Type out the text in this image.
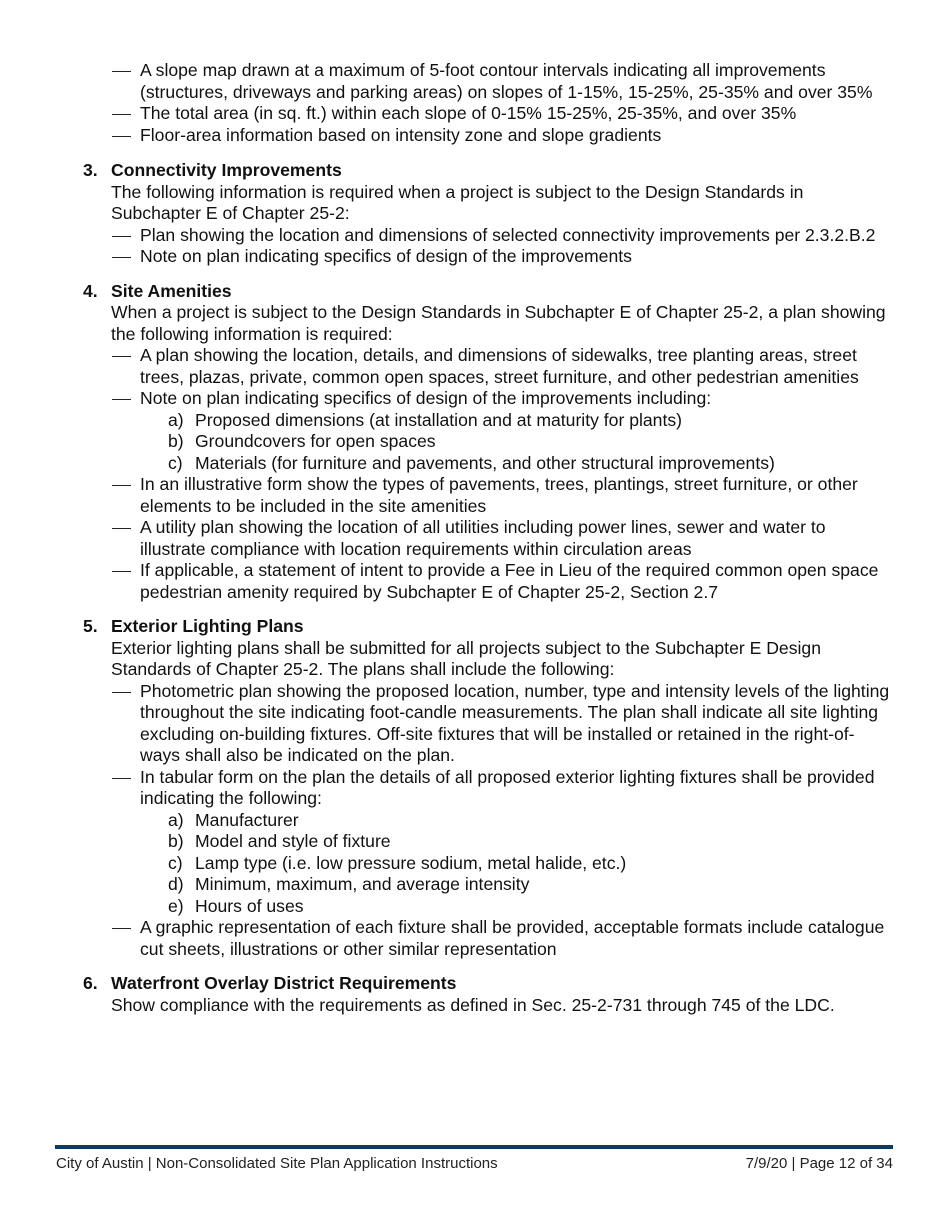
A slope map drawn at a maximum of 5-foot contour intervals indicating all improvements (structures, driveways and parking areas) on slopes of 1-15%, 15-25%, 25-35% and over 35%
The total area (in sq. ft.) within each slope of 0-15% 15-25%, 25-35%, and over 35%
Floor-area information based on intensity zone and slope gradients
3. Connectivity Improvements
The following information is required when a project is subject to the Design Standards in Subchapter E of Chapter 25-2:
Plan showing the location and dimensions of selected connectivity improvements per 2.3.2.B.2
Note on plan indicating specifics of design of the improvements
4. Site Amenities
When a project is subject to the Design Standards in Subchapter E of Chapter 25-2, a plan showing the following information is required:
A plan showing the location, details, and dimensions of sidewalks, tree planting areas, street trees, plazas, private, common open spaces, street furniture, and other pedestrian amenities
Note on plan indicating specifics of design of the improvements including:
a) Proposed dimensions (at installation and at maturity for plants)
b) Groundcovers for open spaces
c) Materials (for furniture and pavements, and other structural improvements)
In an illustrative form show the types of pavements, trees, plantings, street furniture, or other elements to be included in the site amenities
A utility plan showing the location of all utilities including power lines, sewer and water to illustrate compliance with location requirements within circulation areas
If applicable, a statement of intent to provide a Fee in Lieu of the required common open space pedestrian amenity required by Subchapter E of Chapter 25-2, Section 2.7
5. Exterior Lighting Plans
Exterior lighting plans shall be submitted for all projects subject to the Subchapter E Design Standards of Chapter 25-2. The plans shall include the following:
Photometric plan showing the proposed location, number, type and intensity levels of the lighting throughout the site indicating foot-candle measurements. The plan shall indicate all site lighting excluding on-building fixtures. Off-site fixtures that will be installed or retained in the right-of-ways shall also be indicated on the plan.
In tabular form on the plan the details of all proposed exterior lighting fixtures shall be provided indicating the following:
a) Manufacturer
b) Model and style of fixture
c) Lamp type (i.e. low pressure sodium, metal halide, etc.)
d) Minimum, maximum, and average intensity
e) Hours of uses
A graphic representation of each fixture shall be provided, acceptable formats include catalogue cut sheets, illustrations or other similar representation
6. Waterfront Overlay District Requirements
Show compliance with the requirements as defined in Sec. 25-2-731 through 745 of the LDC.
City of Austin | Non-Consolidated Site Plan Application Instructions	7/9/20 | Page 12 of 34
